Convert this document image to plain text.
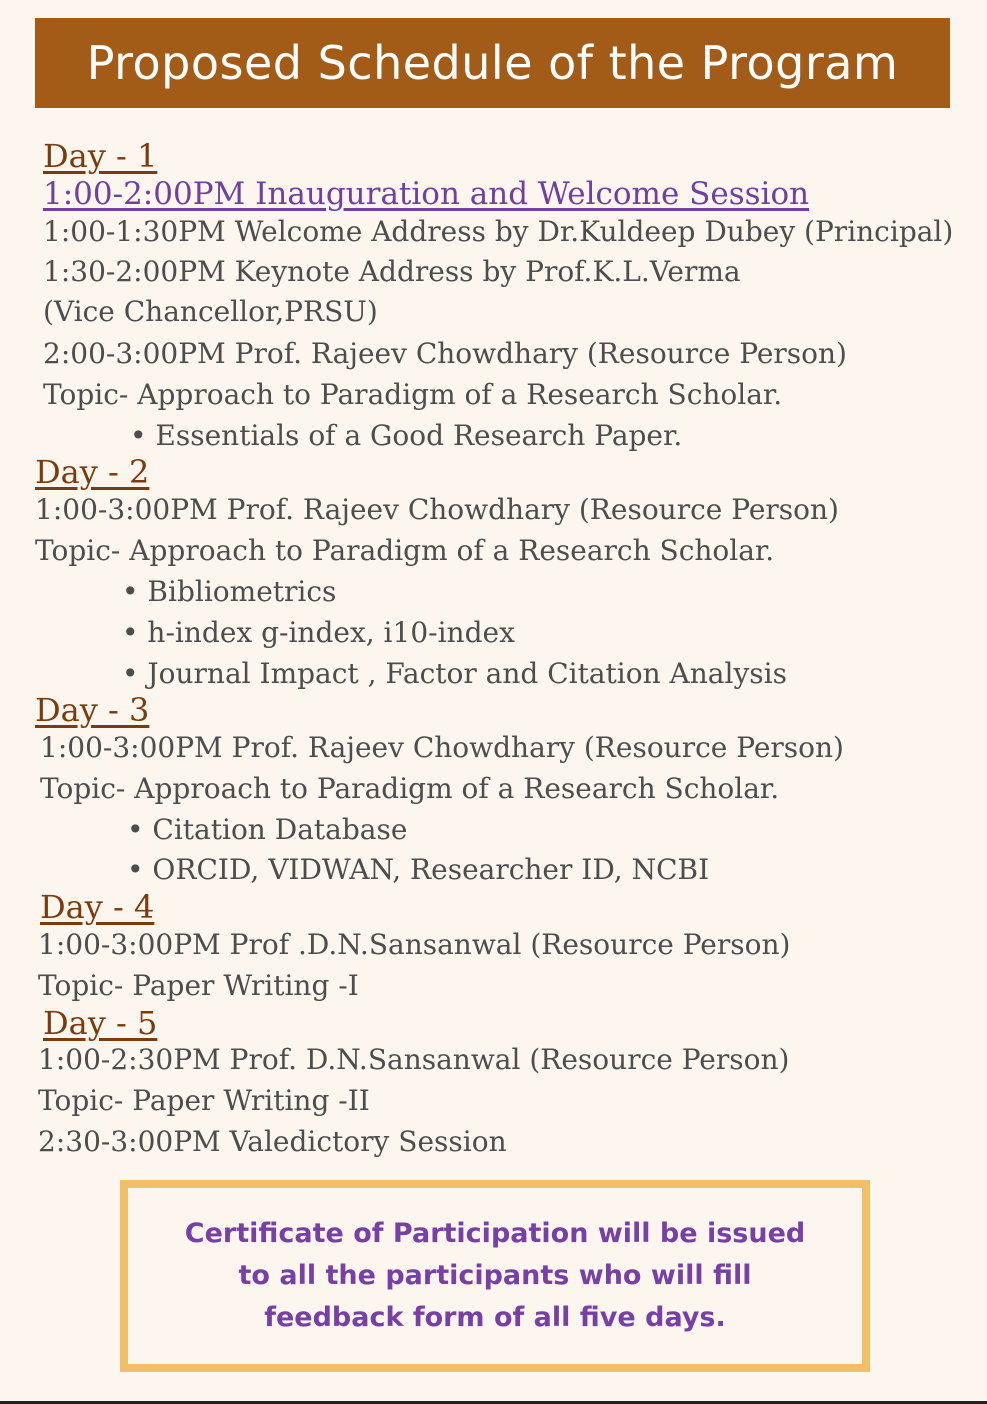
Proposed Schedule of the Program
Day - 1
1:00-2:00PM Inauguration and Welcome Session
1:00-1:30PM Welcome Address by Dr.Kuldeep Dubey (Principal)
1:30-2:00PM Keynote Address by Prof.K.L.Verma
(Vice Chancellor,PRSU)
2:00-3:00PM Prof. Rajeev Chowdhary (Resource Person)
Topic- Approach to Paradigm of a Research Scholar.
• Essentials of a Good Research Paper.
Day - 2
1:00-3:00PM Prof. Rajeev Chowdhary (Resource Person)
Topic- Approach to Paradigm of a Research Scholar.
• Bibliometrics
• h-index g-index, i10-index
• Journal Impact , Factor and Citation Analysis
Day - 3
1:00-3:00PM Prof. Rajeev Chowdhary (Resource Person)
Topic- Approach to Paradigm of a Research Scholar.
• Citation Database
• ORCID, VIDWAN, Researcher ID, NCBI
Day - 4
1:00-3:00PM Prof .D.N.Sansanwal (Resource Person)
Topic- Paper Writing -I
Day - 5
1:00-2:30PM Prof. D.N.Sansanwal (Resource Person)
Topic- Paper Writing -II
2:30-3:00PM Valedictory Session
Certificate of Participation will be issued
to all the participants who will fill
feedback form of all five days.
